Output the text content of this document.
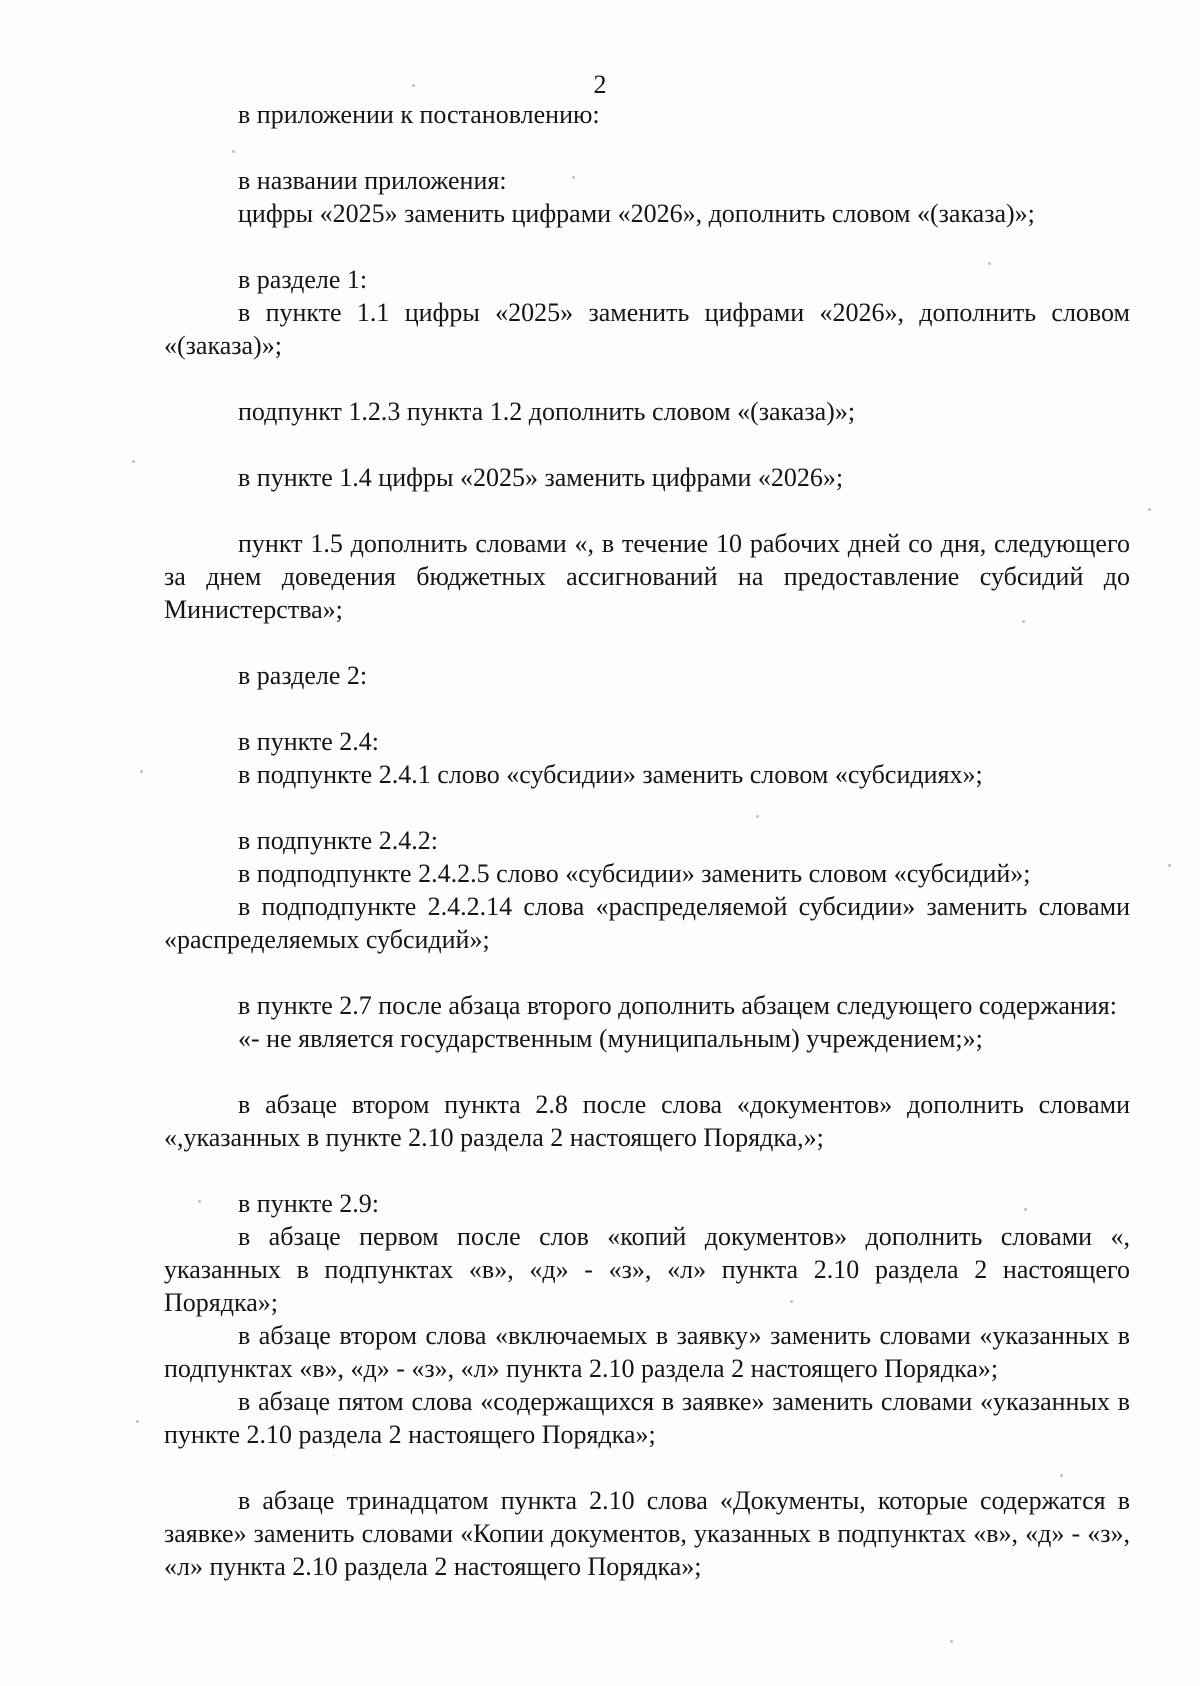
2

в приложении к постановлению:

в названии приложения:

цифры «2025» заменить цифрами «2026», дополнить словом «(заказа)»;

в разделе 1:

в пункте 1.1 цифры «2025» заменить цифрами «2026», дополнить словом «(заказа)»;

подпункт 1.2.3 пункта 1.2 дополнить словом «(заказа)»;

в пункте 1.4 цифры «2025» заменить цифрами «2026»;

пункт 1.5 дополнить словами «, в течение 10 рабочих дней со дня, следующего за днем доведения бюджетных ассигнований на предоставление субсидий до Министерства»;

в разделе 2:

в пункте 2.4:

в подпункте 2.4.1 слово «субсидии» заменить словом «субсидиях»;

в подпункте 2.4.2:

в подподпункте 2.4.2.5 слово «субсидии» заменить словом «субсидий»;

в подподпункте 2.4.2.14 слова «распределяемой субсидии» заменить словами «распределяемых субсидий»;

в пункте 2.7 после абзаца второго дополнить абзацем следующего содержания:

«- не является государственным (муниципальным) учреждением;»;

в абзаце втором пункта 2.8 после слова «документов» дополнить словами «,указанных в пункте 2.10 раздела 2 настоящего Порядка,»;

в пункте 2.9:

в абзаце первом после слов «копий документов» дополнить словами «, указанных в подпунктах «в», «д» - «з», «л» пункта 2.10 раздела 2 настоящего Порядка»;

в абзаце втором слова «включаемых в заявку» заменить словами «указанных в подпунктах «в», «д» - «з», «л» пункта 2.10 раздела 2 настоящего Порядка»;

в абзаце пятом слова «содержащихся в заявке» заменить словами «указанных в пункте 2.10 раздела 2 настоящего Порядка»;

в абзаце тринадцатом пункта 2.10 слова «Документы, которые содержатся в заявке» заменить словами «Копии документов, указанных в подпунктах «в», «д» - «з», «л» пункта 2.10 раздела 2 настоящего Порядка»;
